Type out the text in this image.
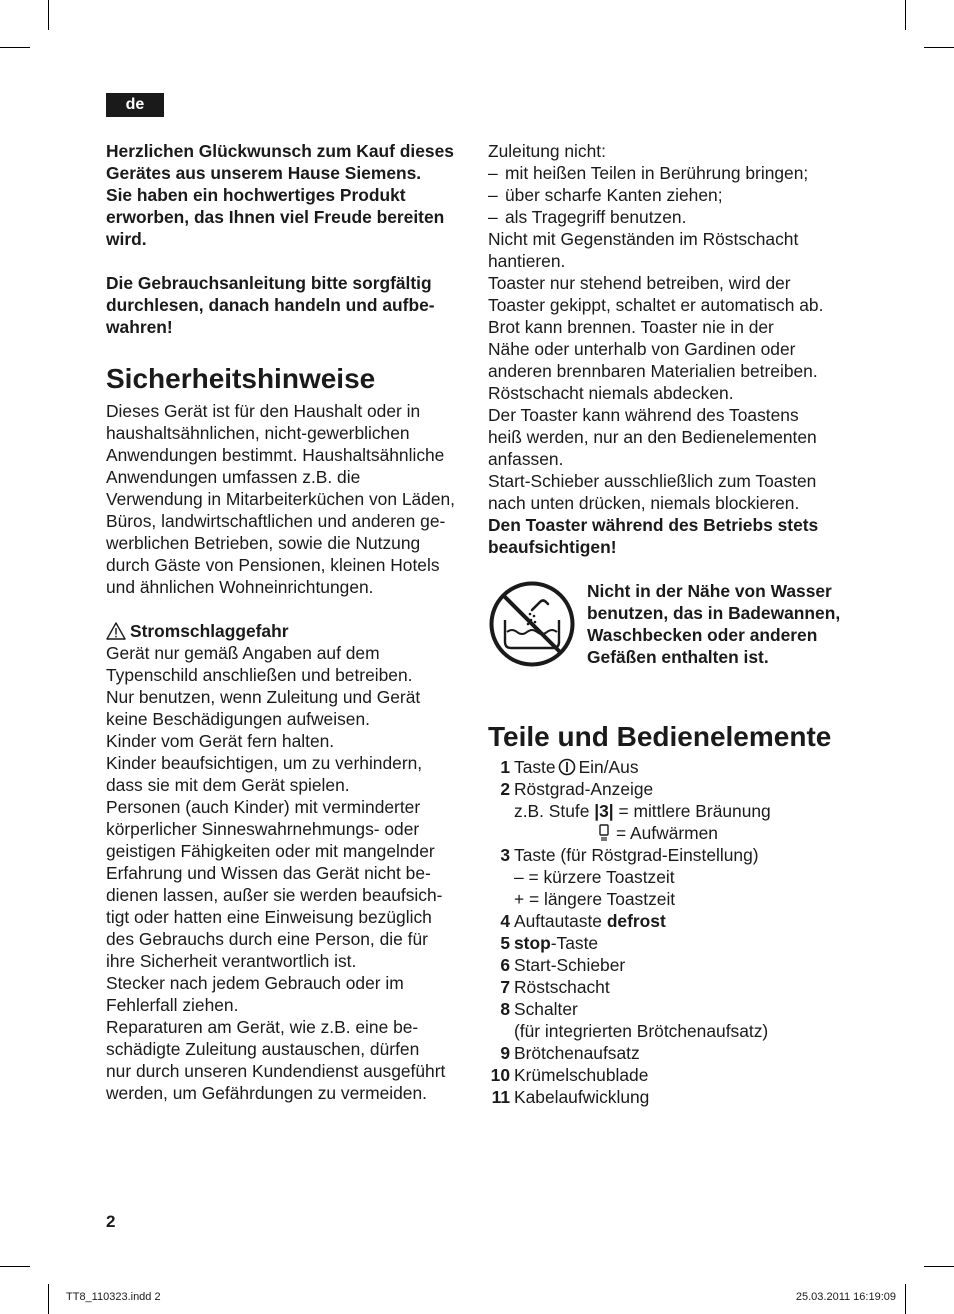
de
Herzlichen Glückwunsch zum Kauf dieses
Gerätes aus unserem Hause Siemens.
Sie haben ein hochwertiges Produkt
erworben, das Ihnen viel Freude bereiten
wird.
Die Gebrauchsanleitung bitte sorgfältig
durchlesen, danach handeln und aufbe-
wahren!
Sicherheitshinweise
Dieses Gerät ist für den Haushalt oder in
haushaltsähnlichen, nicht-gewerblichen
Anwendungen bestimmt. Haushaltsähnliche
Anwendungen umfassen z.B. die
Verwendung in Mitarbeiterküchen von Läden,
Büros, landwirtschaftlichen und anderen ge-
werblichen Betrieben, sowie die Nutzung
durch Gäste von Pensionen, kleinen Hotels
und ähnlichen Wohneinrichtungen.
Stromschlaggefahr
Gerät nur gemäß Angaben auf dem
Typenschild anschließen und betreiben.
Nur benutzen, wenn Zuleitung und Gerät
keine Beschädigungen aufweisen.
Kinder vom Gerät fern halten.
Kinder beaufsichtigen, um zu verhindern,
dass sie mit dem Gerät spielen.
Personen (auch Kinder) mit verminderter
körperlicher Sinneswahrnehmungs- oder
geistigen Fähigkeiten oder mit mangelnder
Erfahrung und Wissen das Gerät nicht be-
dienen lassen, außer sie werden beaufsich-
tigt oder hatten eine Einweisung bezüglich
des Gebrauchs durch eine Person, die für
ihre Sicherheit verantwortlich ist.
Stecker nach jedem Gebrauch oder im
Fehlerfall ziehen.
Reparaturen am Gerät, wie z.B. eine be-
schädigte Zuleitung austauschen, dürfen
nur durch unseren Kundendienst ausgeführt
werden, um Gefährdungen zu vermeiden.
Zuleitung nicht:
– mit heißen Teilen in Berührung bringen;
– über scharfe Kanten ziehen;
– als Tragegriff benutzen.
Nicht mit Gegenständen im Röstschacht
hantieren.
Toaster nur stehend betreiben, wird der
Toaster gekippt, schaltet er automatisch ab.
Brot kann brennen. Toaster nie in der
Nähe oder unterhalb von Gardinen oder
anderen brennbaren Materialien betreiben.
Röstschacht niemals abdecken.
Der Toaster kann während des Toastens
heiß werden, nur an den Bedienelementen
anfassen.
Start-Schieber ausschließlich zum Toasten
nach unten drücken, niemals blockieren.
Den Toaster während des Betriebs stets
beaufsichtigen!
Nicht in der Nähe von Wasser
benutzen, das in Badewannen,
Waschbecken oder anderen
Gefäßen enthalten ist.
Teile und Bedienelemente
1 Taste Ein/Aus
2 Röstgrad-Anzeige
z.B. Stufe |3| = mittlere Bräunung
= Aufwärmen
3 Taste (für Röstgrad-Einstellung)
– = kürzere Toastzeit
+ = längere Toastzeit
4 Auftautaste defrost
5 stop-Taste
6 Start-Schieber
7 Röstschacht
8 Schalter
(für integrierten Brötchenaufsatz)
9 Brötchenaufsatz
10 Krümelschublade
11 Kabelaufwicklung
2
TT8_110323.indd 2	25.03.2011 16:19:09
